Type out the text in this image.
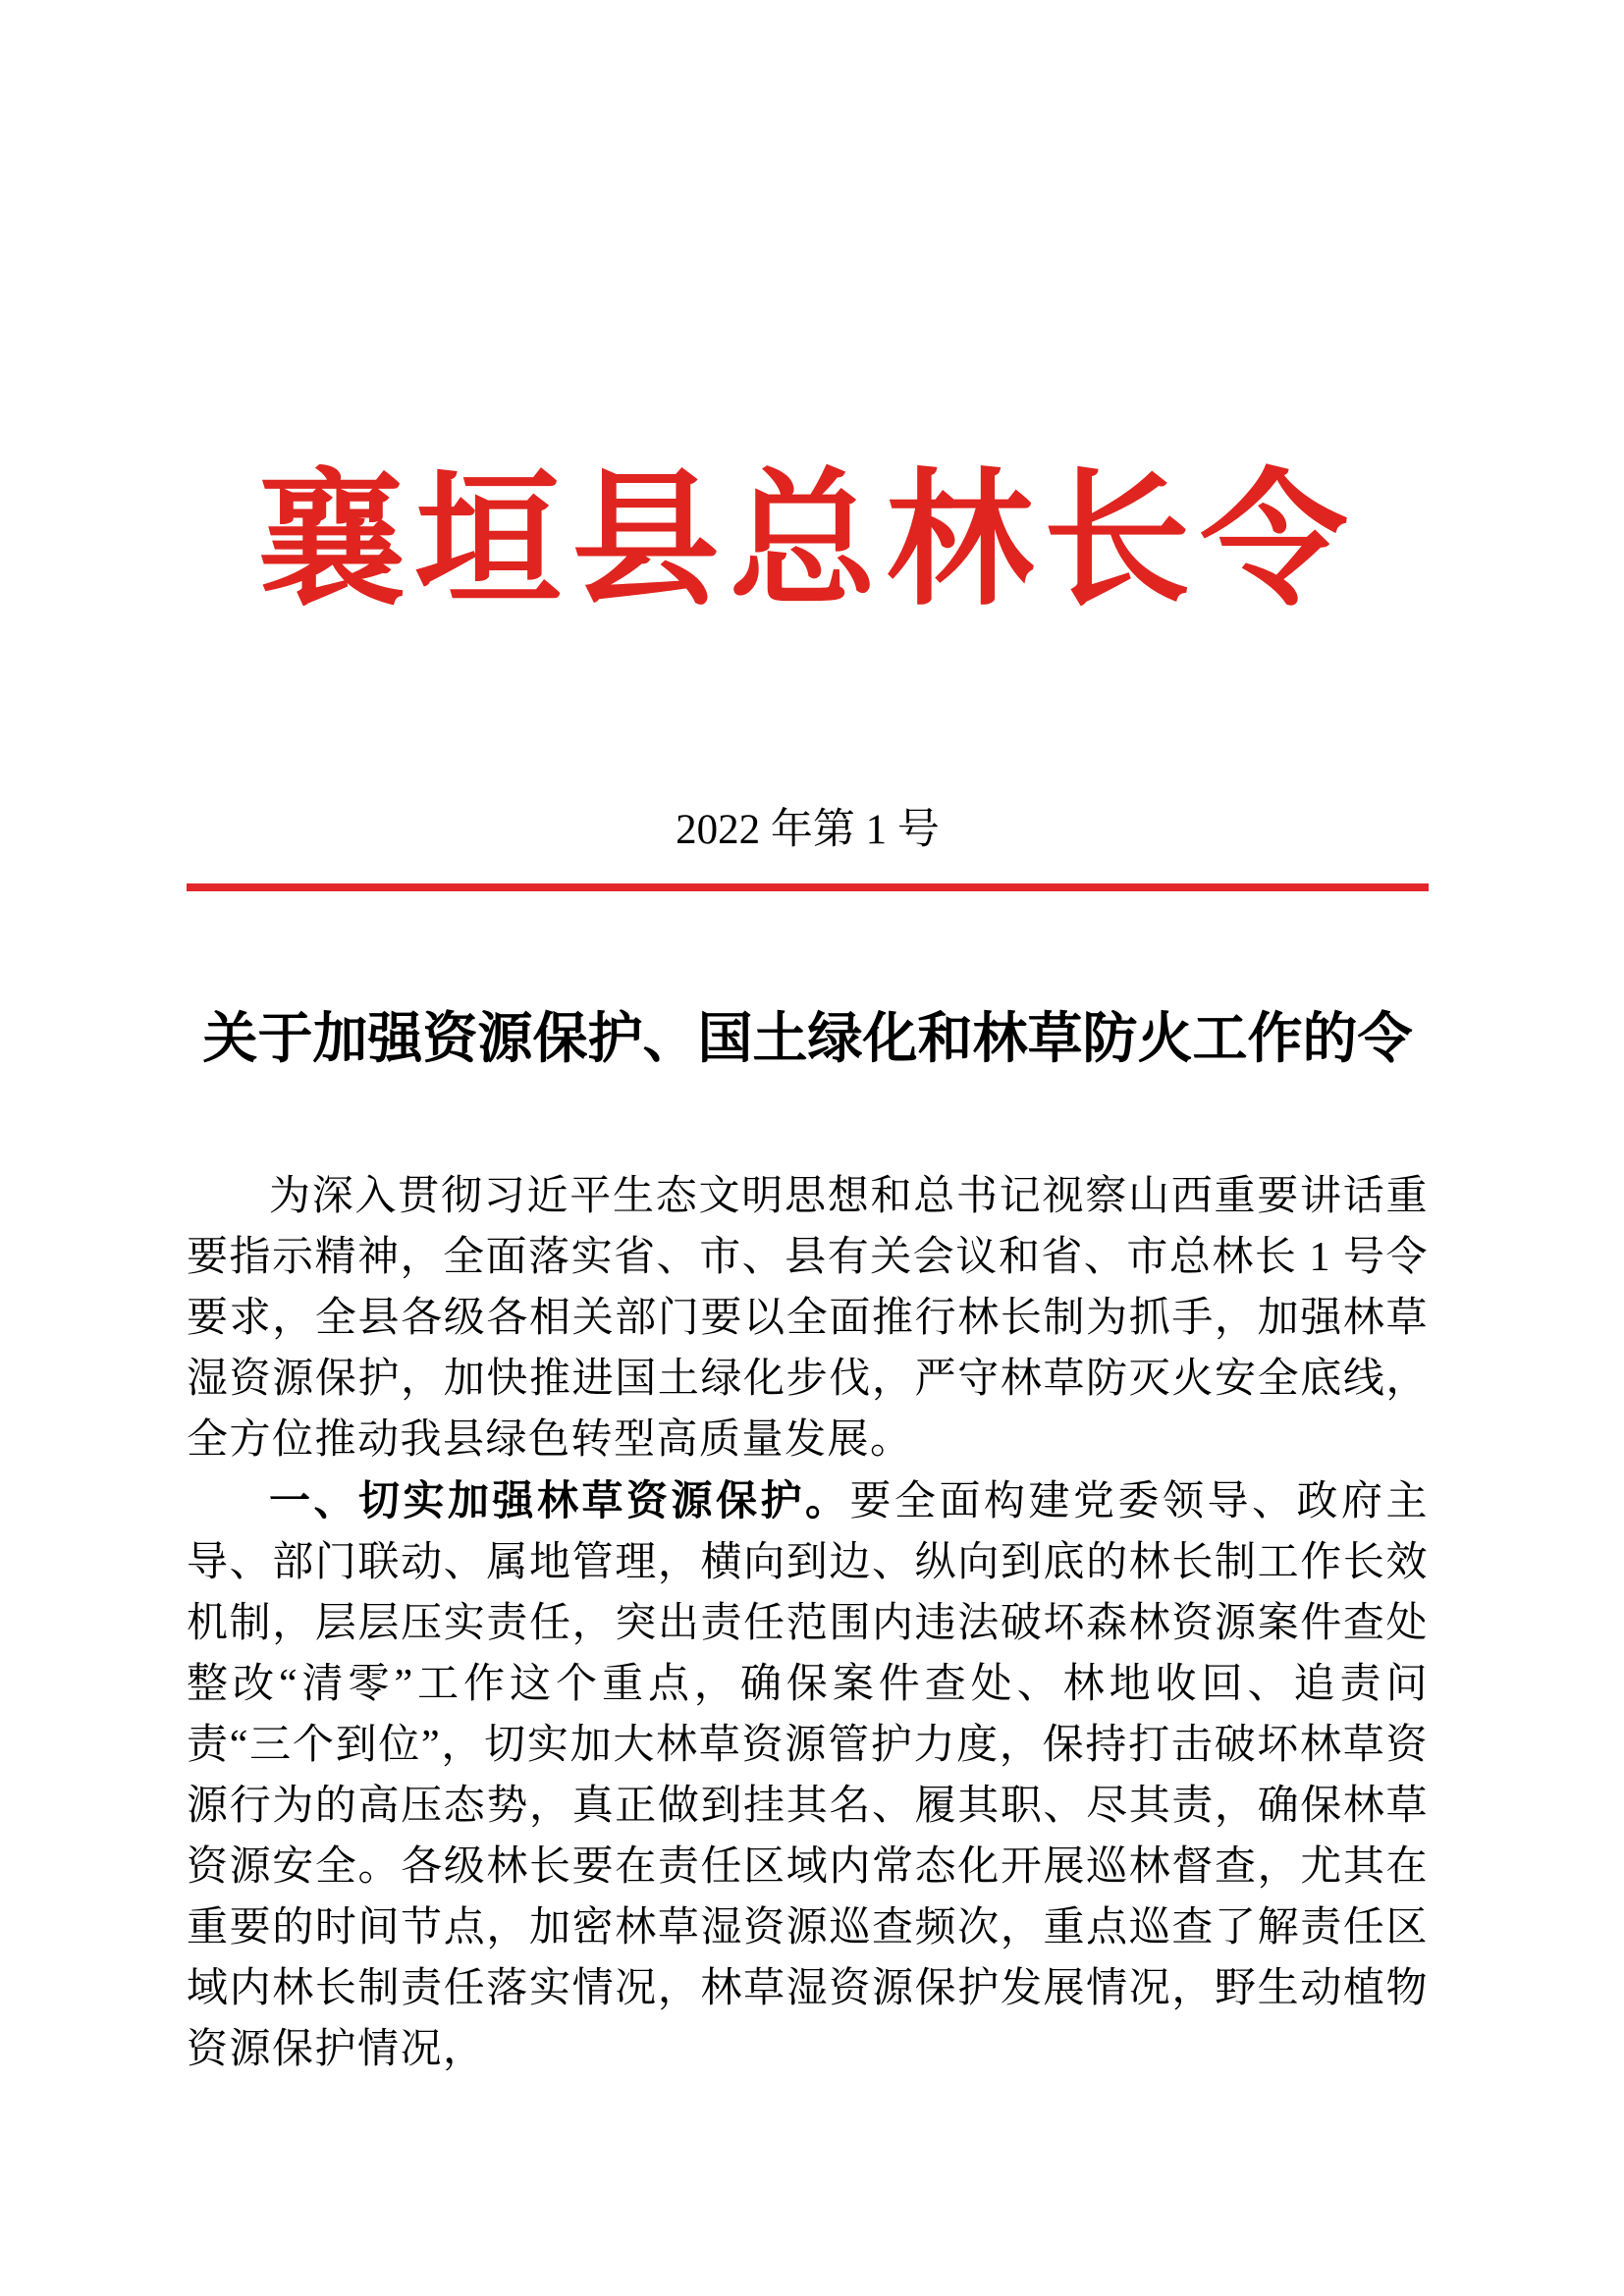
襄垣县总林长令
2022 年第 1 号
关于加强资源保护、国土绿化和林草防火工作的令

为深入贯彻习近平生态文明思想和总书记视察山西重要讲话重要指示精神，全面落实省、市、县有关会议和省、市总林长 1 号令要求，全县各级各相关部门要以全面推行林长制为抓手，加强林草湿资源保护，加快推进国土绿化步伐，严守林草防灭火安全底线，全方位推动我县绿色转型高质量发展。

一、切实加强林草资源保护。要全面构建党委领导、政府主导、部门联动、属地管理，横向到边、纵向到底的林长制工作长效机制，层层压实责任，突出责任范围内违法破坏森林资源案件查处整改“清零”工作这个重点，确保案件查处、林地收回、追责问责“三个到位”，切实加大林草资源管护力度，保持打击破坏林草资源行为的高压态势，真正做到挂其名、履其职、尽其责，确保林草资源安全。各级林长要在责任区域内常态化开展巡林督查，尤其在重要的时间节点，加密林草湿资源巡查频次，重点巡查了解责任区域内林长制责任落实情况，林草湿资源保护发展情况，野生动植物资源保护情况，
